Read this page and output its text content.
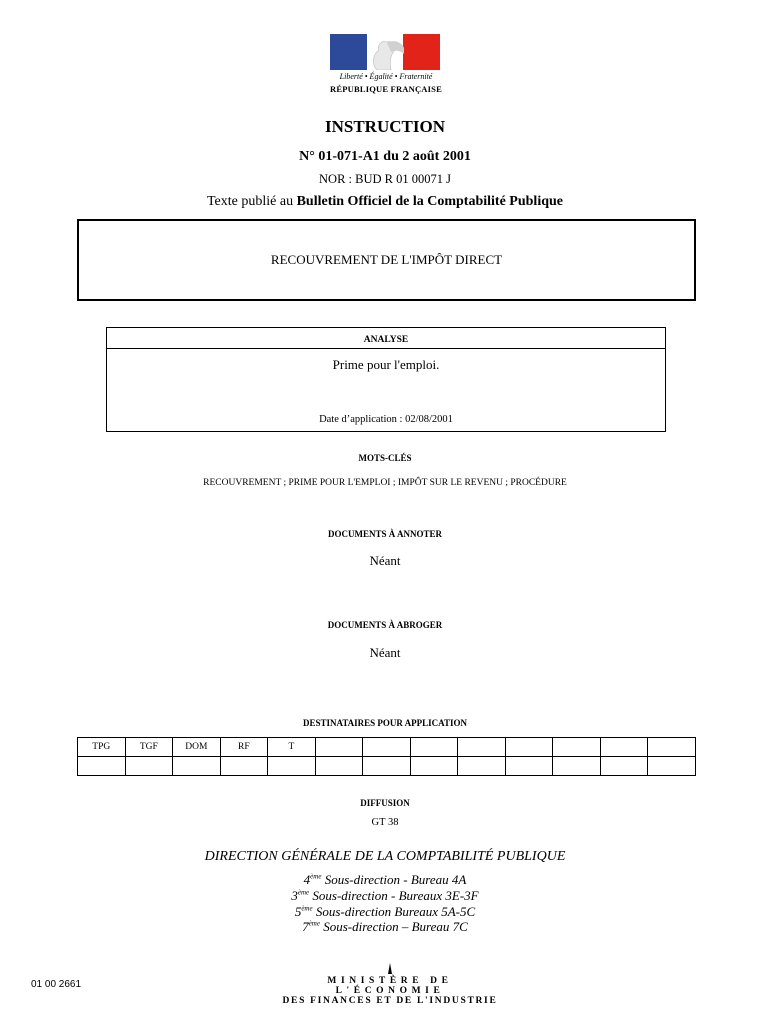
Liberté • Égalité • Fraternité
RÉPUBLIQUE FRANÇAISE
INSTRUCTION
N° 01-071-A1 du 2 août 2001
NOR : BUD R 01 00071 J
Texte publié au Bulletin Officiel de la Comptabilité Publique
RECOUVREMENT DE L'IMPÔT DIRECT
ANALYSE
Prime pour l'emploi.
Date d’application : 02/08/2001
MOTS-CLÉS
RECOUVREMENT ; PRIME POUR L'EMPLOI ; IMPÔT SUR LE REVENU ; PROCÉDURE
DOCUMENTS À ANNOTER
Néant
DOCUMENTS À ABROGER
Néant
DESTINATAIRES POUR APPLICATION
TPG	TGF	DOM	RF	T								

DIFFUSION
GT 38
DIRECTION GÉNÉRALE DE LA COMPTABILITÉ PUBLIQUE
4ème Sous-direction - Bureau 4A
3ème Sous-direction - Bureaux 3E-3F
5ème Sous-direction Bureaux 5A-5C
7ème Sous-direction – Bureau 7C
01 00 2661	MINISTÈRE DE L'ÉCONOMIE
DES FINANCES ET DE L'INDUSTRIE
